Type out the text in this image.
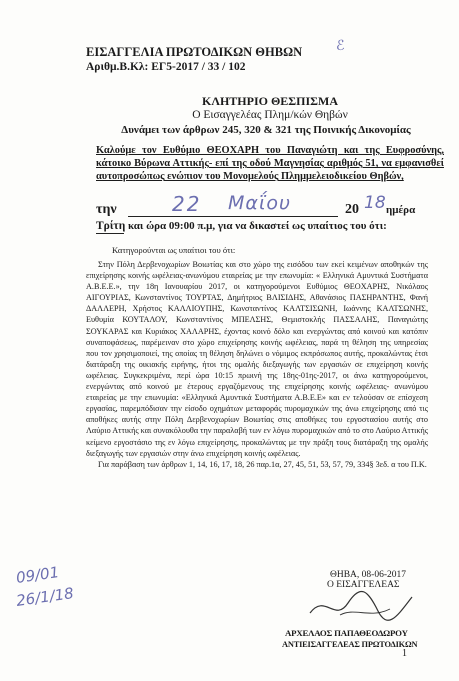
ΕΙΣΑΓΓΕΛΙΑ ΠΡΩΤΟΔΙΚΩΝ ΘΗΒΩΝ
Αριθμ.Β.Κλ: ΕΓ5-2017 / 33 / 102
ℰ
ΚΛΗΤΗΡΙΟ ΘΕΣΠΙΣΜΑ
Ο Εισαγγελέας Πλημ/κών Θηβών
Δυνάμει των άρθρων 245, 320 & 321 της Ποινικής Δικονομίας
Καλούμε τον Ευθύμιο ΘΕΟΧΑΡΗ του Παναγιώτη και της Ευφροσύνης, κάτοικο Βύρωνα Αττικής- επί της οδού Μαγνησίας αριθμός 51, να εμφανισθεί αυτοπροσώπως ενώπιον του Μονομελούς Πλημμελειοδικείου Θηβών,
την	22 Μαΐου	20 18 ημέρα
Τρίτη και ώρα 09:00 π.μ, για να δικαστεί ως υπαίτιος του ότι:
Κατηγορούνται ως υπαίτιοι του ότι:

Στην Πόλη Δερβενοχωρίων Βοιωτίας και στο χώρο της εισόδου των εκεί κειμένων αποθηκών της επιχείρησης κοινής ωφέλειας-ανωνύμου εταιρείας με την επωνυμία: « Ελληνικά Αμυντικά Συστήματα Α.Β.Ε.Ε.», την 18η Ιανουαρίου 2017, οι κατηγορούμενοι Ευθύμιος ΘΕΟΧΑΡΗΣ, Νικόλαος ΑΙΓΟΥΡΙΑΣ, Κωνσταντίνος ΤΟΥΡΤΑΣ, Δημήτριος ΒΛΙΣΙΔΗΣ, Αθανάσιος ΠΑΣΗΡΑΝΤΗΣ, Φανή ΔΑΛΛΕΡΗ, Χρήστος ΚΑΛΛΙΟΥΠΗΣ, Κωνσταντίνος ΚΑΛΤΣΙΣΩΝΗ, Ιωάννης ΚΑΛΤΣΩΝΗΣ, Ευθυμία ΚΟΥΤΑΛΟΥ, Κωνσταντίνος ΜΠΕΛΣΗΣ, Θεμιστοκλής ΠΑΣΣΑΛΗΣ, Παναγιώτης ΣΟΥΚΑΡΑΣ και Κυριάκος ΧΑΛΑΡΗΣ, έχοντας κοινό δόλο και ενεργώντας από κοινού και κατόπιν συναποφάσεως, παρέμειναν στο χώρο επιχείρησης κοινής ωφέλειας, παρά τη θέληση της υπηρεσίας που τον χρησιμοποιεί, της οποίας τη θέληση δηλώνει ο νόμιμος εκπρόσωπος αυτής, προκαλώντας έτσι διατάραξη της οικιακής ειρήνης, ήτοι της ομαλής διεξαγωγής των εργασιών σε επιχείρηση κοινής ωφέλειας. Συγκεκριμένα, περί ώρα 10:15 πρωινή της 18ης-01ης-2017, οι άνω κατηγορούμενοι, ενεργώντας από κοινού με έτερους εργαζόμενους της επιχείρησης κοινής ωφέλειας- ανωνύμου εταιρείας με την επωνυμία: «Ελληνικά Αμυντικά Συστήματα Α.Β.Ε.Ε» και εν τελούσαν σε επίσχεση εργασίας, παρεμπόδισαν την είσοδο οχημάτων μεταφοράς πυρομαχικών της άνω επιχείρησης από τις αποθήκες αυτής στην Πόλη Δερβενοχωρίων Βοιωτίας στις αποθήκες του εργοστασίου αυτής στο Λαύριο Αττικής και συνακόλουθα την παραλαβή των εν λόγω πυρομαχικών από το στο Λαύριο Αττικής κείμενο εργοστάσιο της εν λόγω επιχείρησης, προκαλώντας με την πράξη τους διατάραξη της ομαλής διεξαγωγής των εργασιών στην άνω επιχείρηση κοινής ωφέλειας.

Για παράβαση των άρθρων 1, 14, 16, 17, 18, 26 παρ.1α, 27, 45, 51, 53, 57, 79, 334§ 3εδ. α του Π.Κ.

09/01
26/1/18
ΘΗΒΑ, 08-06-2017
Ο ΕΙΣΑΓΓΕΛΕΑΣ
ΑΡΧΕΛΑΟΣ ΠΑΠΑΘΕΟΔΩΡΟΥ
ΑΝΤΙΕΙΣΑΓΓΕΛΕΑΣ ΠΡΩΤΟΔΙΚΩΝ
1
